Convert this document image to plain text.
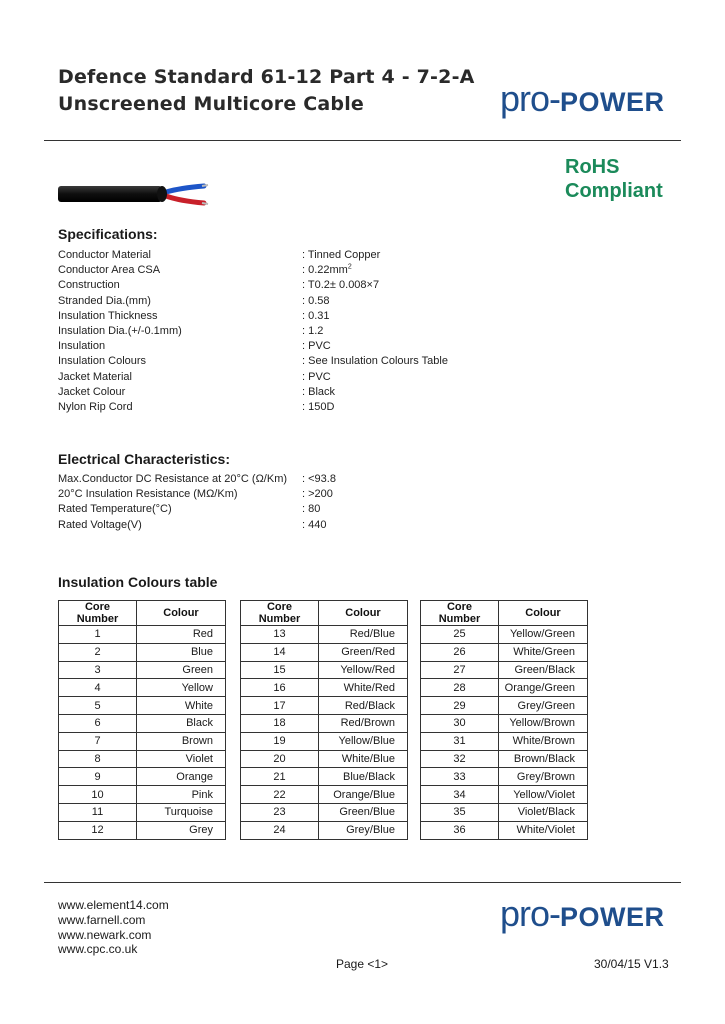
Defence Standard 61-12 Part 4 - 7-2-A
Unscreened Multicore Cable	pro-POWER
RoHS
Compliant
Specifications:
Conductor Material	: Tinned Copper
Conductor Area CSA	: $0.22mm^2$
Construction	: T0.2± 0.008×7
Stranded Dia.(mm)	: 0.58
Insulation Thickness	: 0.31
Insulation Dia.(+/-0.1mm)	: 1.2
Insulation	: PVC
Insulation Colours	: See Insulation Colours Table
Jacket Material	: PVC
Jacket Colour	: Black
Nylon Rip Cord	: 150D
Electrical Characteristics:
Max.Conductor DC Resistance at 20°C (Ω/Km)	: <93.8
20°C Insulation Resistance (MΩ/Km)	: >200
Rated Temperature(°C)	: 80
Rated Voltage(V)	: 440
Insulation Colours table
Core Number	Colour
1	Red
2	Blue
3	Green
4	Yellow
5	White
6	Black
7	Brown
8	Violet
9	Orange
10	Pink
11	Turquoise
12	Grey
Core Number	Colour
13	Red/Blue
14	Green/Red
15	Yellow/Red
16	White/Red
17	Red/Black
18	Red/Brown
19	Yellow/Blue
20	White/Blue
21	Blue/Black
22	Orange/Blue
23	Green/Blue
24	Grey/Blue
Core Number	Colour
25	Yellow/Green
26	White/Green
27	Green/Black
28	Orange/Green
29	Grey/Green
30	Yellow/Brown
31	White/Brown
32	Brown/Black
33	Grey/Brown
34	Yellow/Violet
35	Violet/Black
36	White/Violet
www.element14.com
www.farnell.com
www.newark.com
www.cpc.co.uk
pro-POWER
Page <1>	30/04/15 V1.3
